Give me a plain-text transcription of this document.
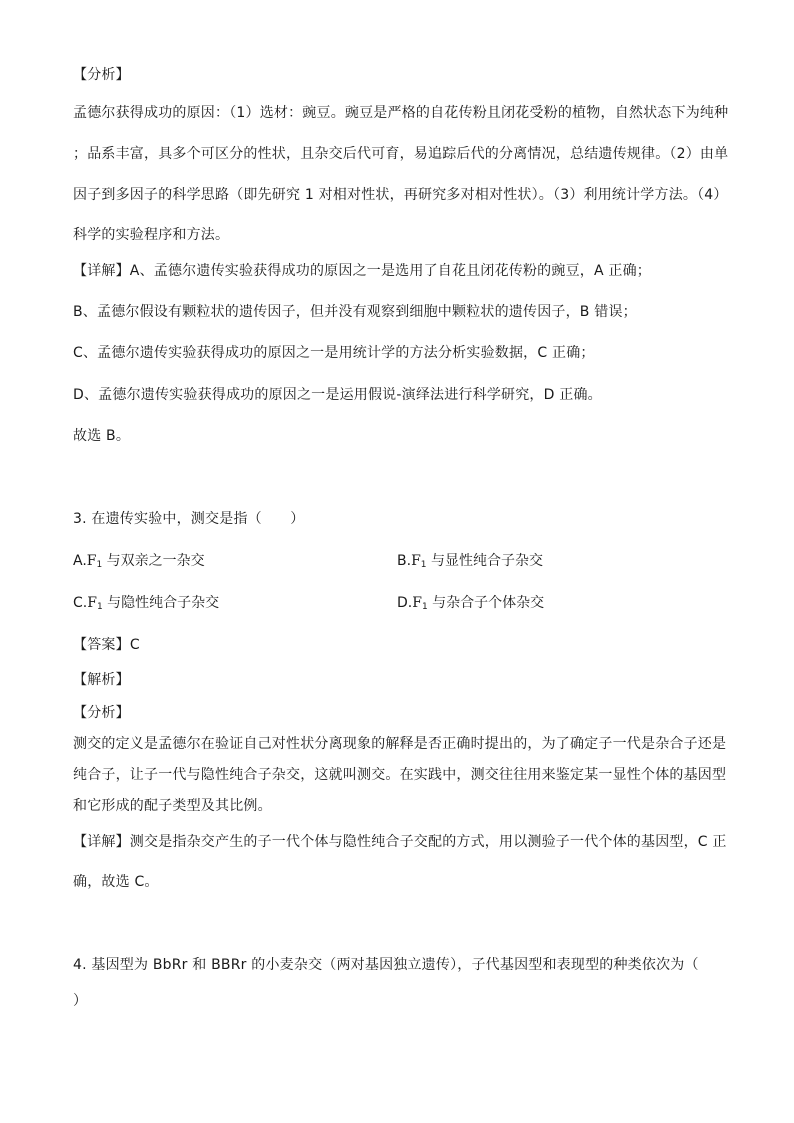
【分析】
孟德尔获得成功的原因：（1）选材：豌豆。豌豆是严格的自花传粉且闭花受粉的植物，自然状态下为纯种
；品系丰富，具多个可区分的性状，且杂交后代可育，易追踪后代的分离情况，总结遗传规律。（2）由单
因子到多因子的科学思路（即先研究 1 对相对性状，再研究多对相对性状）。（3）利用统计学方法。（4）
科学的实验程序和方法。
【详解】A、孟德尔遗传实验获得成功的原因之一是选用了自花且闭花传粉的豌豆，A 正确；
B、孟德尔假设有颗粒状的遗传因子，但并没有观察到细胞中颗粒状的遗传因子，B 错误；
C、孟德尔遗传实验获得成功的原因之一是用统计学的方法分析实验数据，C 正确；
D、孟德尔遗传实验获得成功的原因之一是运用假说-演绎法进行科学研究，D 正确。
故选 B。
3. 在遗传实验中，测交是指（　　）
$A.F_1$ 与双亲之一杂交	$B.F_1$ 与显性纯合子杂交
$C.F_1$ 与隐性纯合子杂交	$D.F_1$ 与杂合子个体杂交
【答案】C
【解析】
【分析】
测交的定义是孟德尔在验证自己对性状分离现象的解释是否正确时提出的，为了确定子一代是杂合子还是
纯合子，让子一代与隐性纯合子杂交，这就叫测交。在实践中，测交往往用来鉴定某一显性个体的基因型
和它形成的配子类型及其比例。
【详解】测交是指杂交产生的子一代个体与隐性纯合子交配的方式，用以测验子一代个体的基因型，C 正
确，故选 C。
4. 基因型为 BbRr 和 BBRr 的小麦杂交（两对基因独立遗传），子代基因型和表现型的种类依次为（
）
